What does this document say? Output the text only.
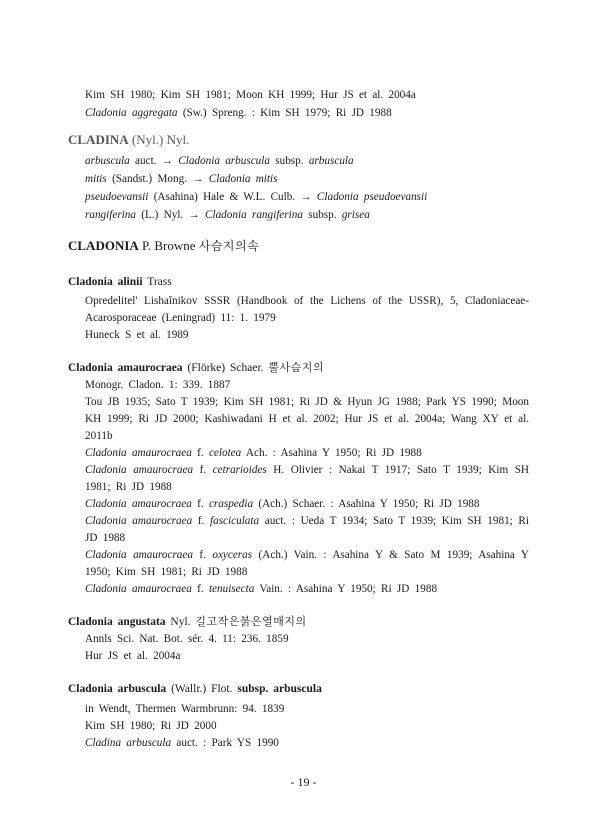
Kim SH 1980; Kim SH 1981; Moon KH 1999; Hur JS et al. 2004a
Cladonia aggregata (Sw.) Spreng. : Kim SH 1979; Ri JD 1988
CLADINA (Nyl.) Nyl.
arbuscula auct. → Cladonia arbuscula subsp. arbuscula
mitis (Sandst.) Mong. → Cladonia mitis
pseudoevansii (Asahina) Hale & W.L. Culb. → Cladonia pseudoevansii
rangiferina (L.) Nyl. → Cladonia rangiferina subsp. grisea
CLADONIA P. Browne 사슴지의속
Cladonia alinii Trass
Opredelitel' Lishaĭnikov SSSR (Handbook of the Lichens of the USSR), 5, Cladoniaceae-
Acarosporaceae (Leningrad) 11: 1. 1979
Huneck S et al. 1989
Cladonia amaurocraea (Flörke) Schaer. 뿔사슴지의
Monogr. Cladon. 1: 339. 1887
Tou JB 1935; Sato T 1939; Kim SH 1981; Ri JD & Hyun JG 1988; Park YS 1990; Moon
KH 1999; Ri JD 2000; Kashiwadani H et al. 2002; Hur JS et al. 2004a; Wang XY et al.
2011b
Cladonia amaurocraea f. celotea Ach. : Asahina Y 1950; Ri JD 1988
Cladonia amaurocraea f. cetrarioides H. Olivier : Nakai T 1917; Sato T 1939; Kim SH
1981; Ri JD 1988
Cladonia amaurocraea f. craspedia (Ach.) Schaer. : Asahina Y 1950; Ri JD 1988
Cladonia amaurocraea f. fasciculata auct. : Ueda T 1934; Sato T 1939; Kim SH 1981; Ri
JD 1988
Cladonia amaurocraea f. oxyceras (Ach.) Vain. : Asahina Y & Sato M 1939; Asahina Y
1950; Kim SH 1981; Ri JD 1988
Cladonia amaurocraea f. tenuisecta Vain. : Asahina Y 1950; Ri JD 1988
Cladonia angustata Nyl. 길고작은붉은열매지의
Annls Sci. Nat. Bot. sér. 4. 11: 236. 1859
Hur JS et al. 2004a
Cladonia arbuscula (Wallr.) Flot. subsp. arbuscula
in Wendt, Thermen Warmbrunn: 94. 1839
Kim SH 1980; Ri JD 2000
Cladina arbuscula auct. : Park YS 1990
- 19 -
